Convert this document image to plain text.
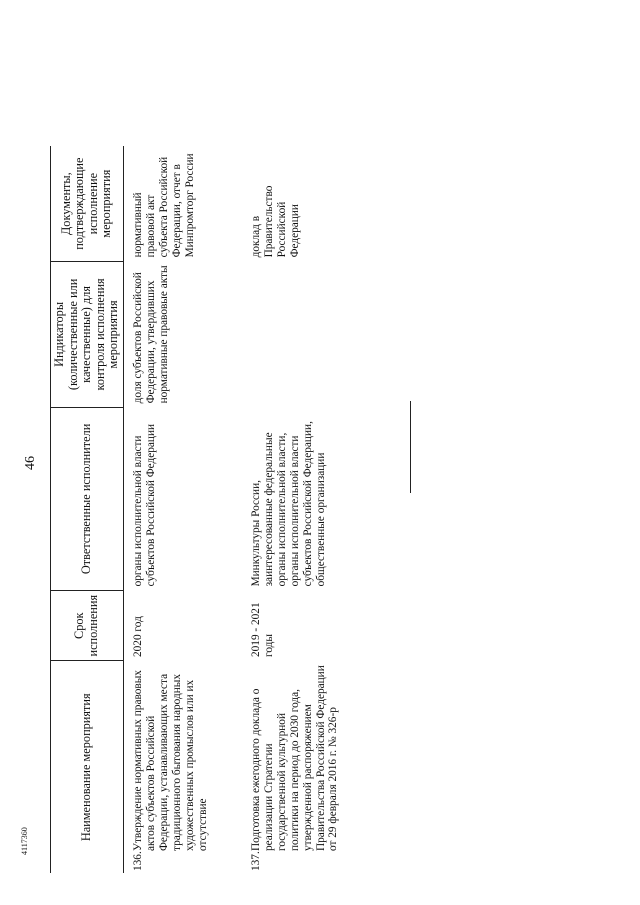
46
Наименование мероприятия	Срок исполнения	Ответственные исполнители	Индикаторы (количественные или качественные) для контроля исполнения мероприятия	Документы, подтверждающие исполнение мероприятия

136.
Утверждение нормативных правовых актов субъектов Российской Федерации, устанавливающих места традиционного бытования народных художественных промыслов или их отсутствие	2020 год	органы исполнительной власти субъектов Российской Федерации	доля субъектов Российской Федерации, утвердивших нормативные правовые акты	нормативный правовой акт субъекта Российской Федерации, отчет в Минпромторг России

137.
Подготовка ежегодного доклада о реализации Стратегии государственной культурной политики на период до 2030 года, утвержденной распоряжением Правительства Российской Федерации от 29 февраля 2016 г. № 326-р	2019 - 2021 годы	Минкультуры России, заинтересованные федеральные органы исполнительной власти, органы исполнительной власти субъектов Российской Федерации, общественные организации		доклад в Правительство Российской Федерации
4117360
